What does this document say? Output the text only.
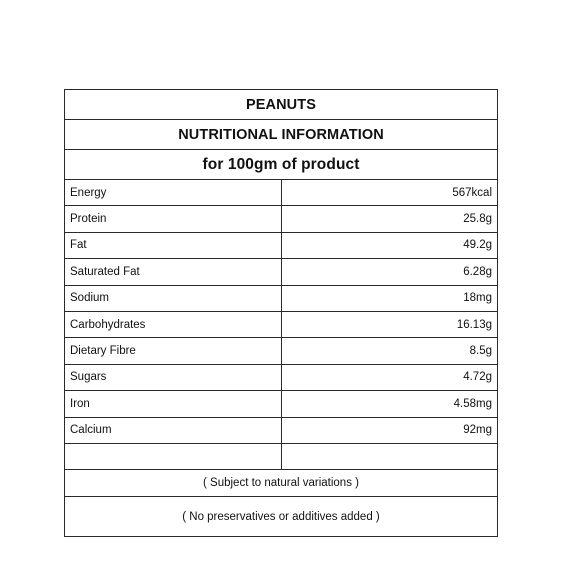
PEANUTS	
NUTRITIONAL INFORMATION	
for 100gm of product	
Energy	567kcal
Protein	25.8g
Fat	49.2g
Saturated Fat	6.28g
Sodium	18mg
Carbohydrates	16.13g
Dietary Fibre	8.5g
Sugars	4.72g
Iron	4.58mg
Calcium	92mg

( Subject to natural variations )	
( No preservatives or additives added )	
